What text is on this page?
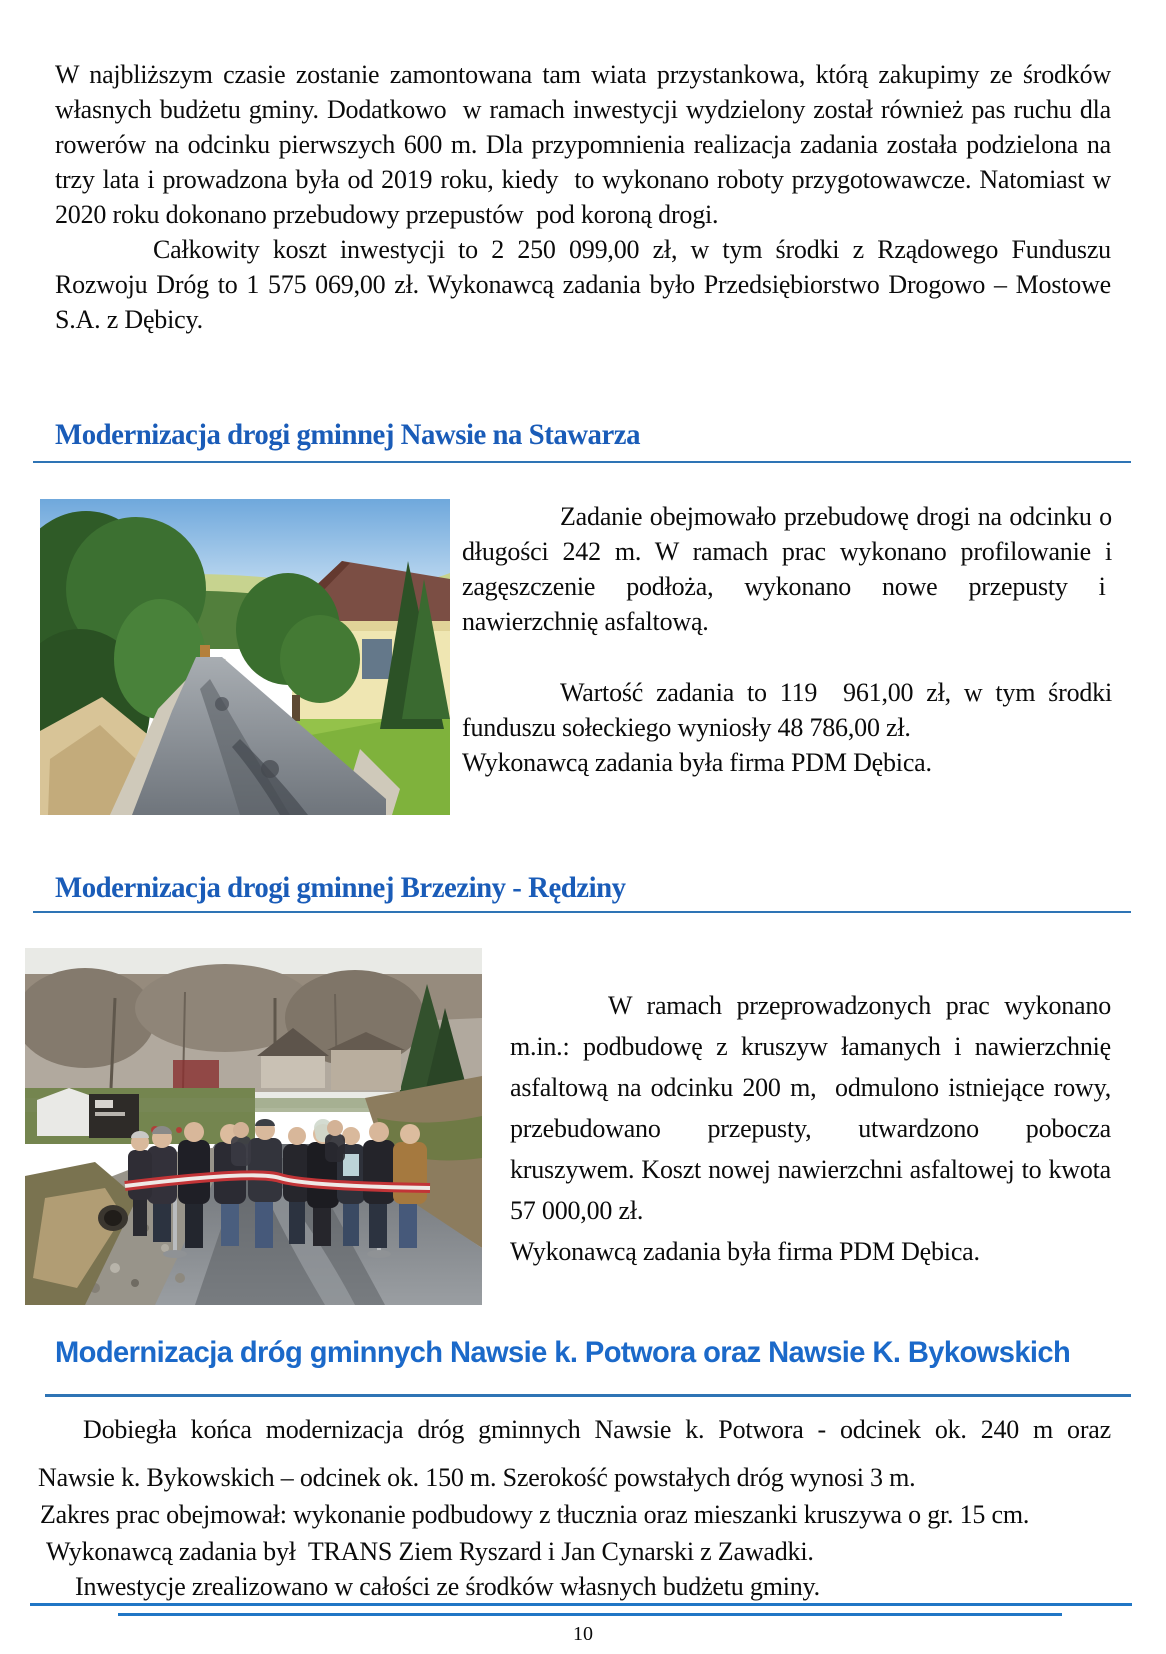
W najbliższym czasie zostanie zamontowana tam wiata przystankowa, którą zakupimy ze środków własnych budżetu gminy. Dodatkowo  w ramach inwestycji wydzielony został również pas ruchu dla rowerów na odcinku pierwszych 600 m. Dla przypomnienia realizacja zadania została podzielona na trzy lata i prowadzona była od 2019 roku, kiedy  to wykonano roboty przygotowawcze. Natomiast w 2020 roku dokonano przebudowy przepustów  pod koroną drogi.

Całkowity koszt inwestycji to 2 250 099,00 zł, w tym środki z Rządowego Funduszu Rozwoju Dróg to 1 575 069,00 zł. Wykonawcą zadania było Przedsiębiorstwo Drogowo – Mostowe S.A. z Dębicy.

Modernizacja drogi gminnej Nawsie na Stawarza

Zadanie obejmowało przebudowę drogi na odcinku o długości 242 m. W ramach prac wykonano profilowanie i zagęszczenie podłoża, wykonano nowe przepusty i  nawierzchnię asfaltową.

Wartość zadania to 119  961,00 zł, w tym środki funduszu sołeckiego wyniosły 48 786,00 zł.

Wykonawcą zadania była firma PDM Dębica.

Modernizacja drogi gminnej Brzeziny - Rędziny

W ramach przeprowadzonych prac wykonano m.in.: podbudowę z kruszyw łamanych i nawierzchnię asfaltową na odcinku 200 m,  odmulono istniejące rowy, przebudowano przepusty, utwardzono pobocza kruszywem. Koszt nowej nawierzchni asfaltowej to kwota 57 000,00 zł.

Wykonawcą zadania była firma PDM Dębica.

Modernizacja dróg gminnych Nawsie k. Potwora oraz Nawsie K. Bykowskich

Dobiegła końca modernizacja dróg gminnych Nawsie k. Potwora - odcinek ok. 240 m oraz

Nawsie k. Bykowskich – odcinek ok. 150 m. Szerokość powstałych dróg wynosi 3 m.

Zakres prac obejmował: wykonanie podbudowy z tłucznia oraz mieszanki kruszywa o gr. 15 cm.

Wykonawcą zadania był  TRANS Ziem Ryszard i Jan Cynarski z Zawadki.

Inwestycje zrealizowano w całości ze środków własnych budżetu gminy.

10
